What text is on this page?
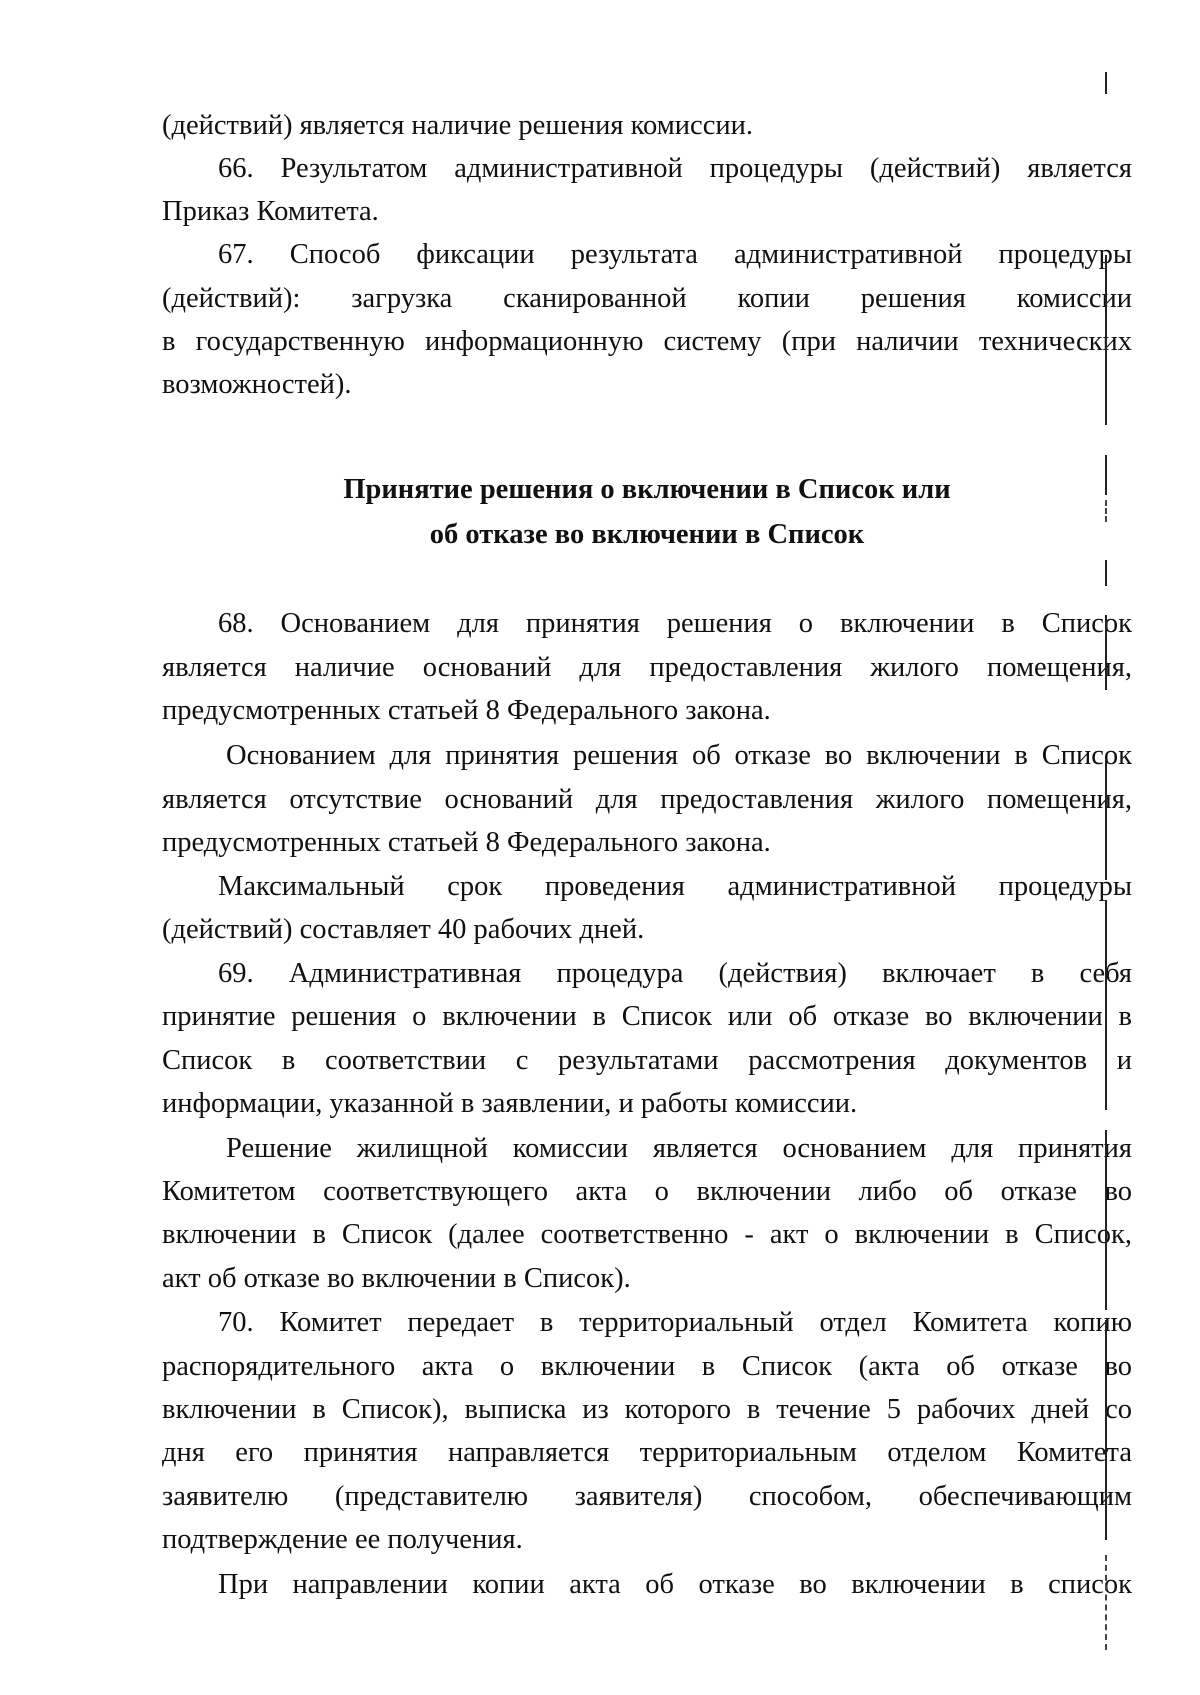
(действий) является наличие решения комиссии.
66. Результатом административной процедуры (действий) является
Приказ Комитета.
67. Способ фиксации результата административной процедуры
(действий): загрузка сканированной копии решения комиссии
в государственную информационную систему (при наличии технических
возможностей).
Принятие решения о включении в Список или
об отказе во включении в Список
68. Основанием для принятия решения о включении в Список
является наличие оснований для предоставления жилого помещения,
предусмотренных статьей 8 Федерального закона.
Основанием для принятия решения об отказе во включении в Список
является отсутствие оснований для предоставления жилого помещения,
предусмотренных статьей 8 Федерального закона.
Максимальный срок проведения административной процедуры
(действий) составляет 40 рабочих дней.
69. Административная процедура (действия) включает в себя
принятие решения о включении в Список или об отказе во включении в
Список в соответствии с результатами рассмотрения документов и
информации, указанной в заявлении, и работы комиссии.
Решение жилищной комиссии является основанием для принятия
Комитетом соответствующего акта о включении либо об отказе во
включении в Список (далее соответственно - акт о включении в Список,
акт об отказе во включении в Список).
70. Комитет передает в территориальный отдел Комитета копию
распорядительного акта о включении в Список (акта об отказе во
включении в Список), выписка из которого в течение 5 рабочих дней со
дня его принятия направляется территориальным отделом Комитета
заявителю (представителю заявителя) способом, обеспечивающим
подтверждение ее получения.
При направлении копии акта об отказе во включении в список
